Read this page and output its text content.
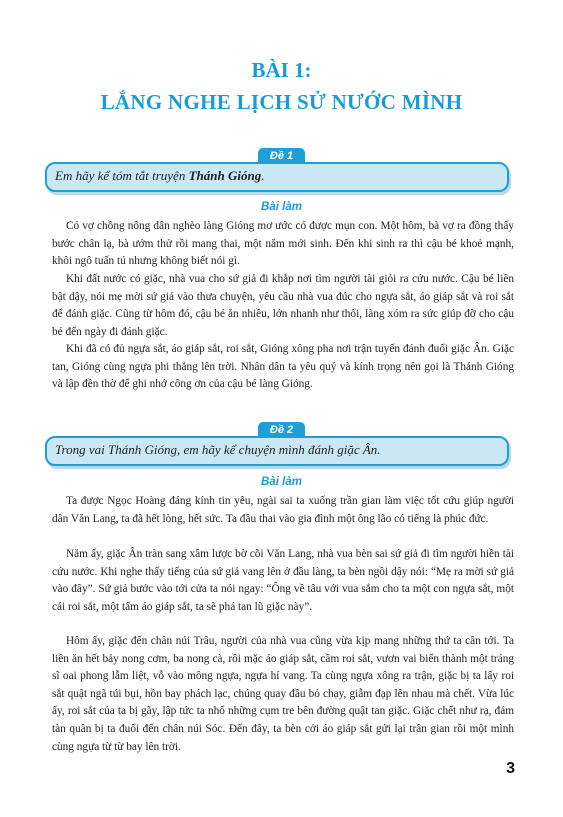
BÀI 1:
LẮNG NGHE LỊCH SỬ NƯỚC MÌNH
Đề 1
Em hãy kể tóm tắt truyện Thánh Gióng.
Bài làm

Có vợ chồng nông dân nghèo làng Gióng mơ ước có được mụn con. Một hôm, bà vợ ra đồng thấy bước chân lạ, bà ướm thử rồi mang thai, một năm mới sinh. Đến khi sinh ra thì cậu bé khoẻ mạnh, khôi ngô tuấn tú nhưng không biết nói gì.

Khi đất nước có giặc, nhà vua cho sứ giả đi khắp nơi tìm người tài giỏi ra cứu nước. Cậu bé liền bật dậy, nói mẹ mời sứ giả vào thưa chuyện, yêu cầu nhà vua đúc cho ngựa sắt, áo giáp sắt và roi sắt để đánh giặc. Cũng từ hôm đó, cậu bé ăn nhiều, lớn nhanh như thổi, làng xóm ra sức giúp đỡ cho cậu bé đến ngày đi đánh giặc.

Khi đã có đủ ngựa sắt, áo giáp sắt, roi sắt, Gióng xông pha nơi trận tuyến đánh đuổi giặc Ân. Giặc tan, Gióng cùng ngựa phi thẳng lên trời. Nhân dân ta yêu quý và kính trọng nên gọi là Thánh Gióng và lập đền thờ để ghi nhớ công ơn của cậu bé làng Gióng.

Đề 2
Trong vai Thánh Gióng, em hãy kể chuyện mình đánh giặc Ân.
Bài làm

Ta được Ngọc Hoàng đáng kính tin yêu, ngài sai ta xuống trần gian làm việc tốt cứu giúp người dân Văn Lang, ta đã hết lòng, hết sức. Ta đầu thai vào gia đình một ông lão có tiếng là phúc đức.

Năm ấy, giặc Ân tràn sang xâm lược bờ cõi Văn Lang, nhà vua bèn sai sứ giả đi tìm người hiền tài cứu nước. Khi nghe thấy tiếng của sứ giả vang lên ở đầu làng, ta bèn ngồi dậy nói: “Mẹ ra mời sứ giả vào đây”. Sứ giả bước vào tới cửa ta nói ngay: “Ông về tâu với vua sắm cho ta một con ngựa sắt, một cái roi sắt, một tấm áo giáp sắt, ta sẽ phá tan lũ giặc này”.

Hôm ấy, giặc đến chân núi Trâu, người của nhà vua cũng vừa kịp mang những thứ ta cần tới. Ta liền ăn hết bảy nong cơm, ba nong cà, rồi mặc áo giáp sắt, cầm roi sắt, vươn vai biến thành một tráng sĩ oai phong lẫm liệt, vỗ vào mông ngựa, ngựa hí vang. Ta cùng ngựa xông ra trận, giặc bị ta lấy roi sắt quật ngã túi bụi, hồn bay phách lạc, chúng quay đầu bỏ chạy, giẫm đạp lên nhau mà chết. Vừa lúc ấy, roi sắt của ta bị gãy, lập tức ta nhổ những cụm tre bên đường quật tan giặc. Giặc chết như rạ, đám tàn quân bị ta đuổi đến chân núi Sóc. Đến đây, ta bèn cởi áo giáp sắt gửi lại trần gian rồi một mình cùng ngựa từ từ bay lên trời.

3
